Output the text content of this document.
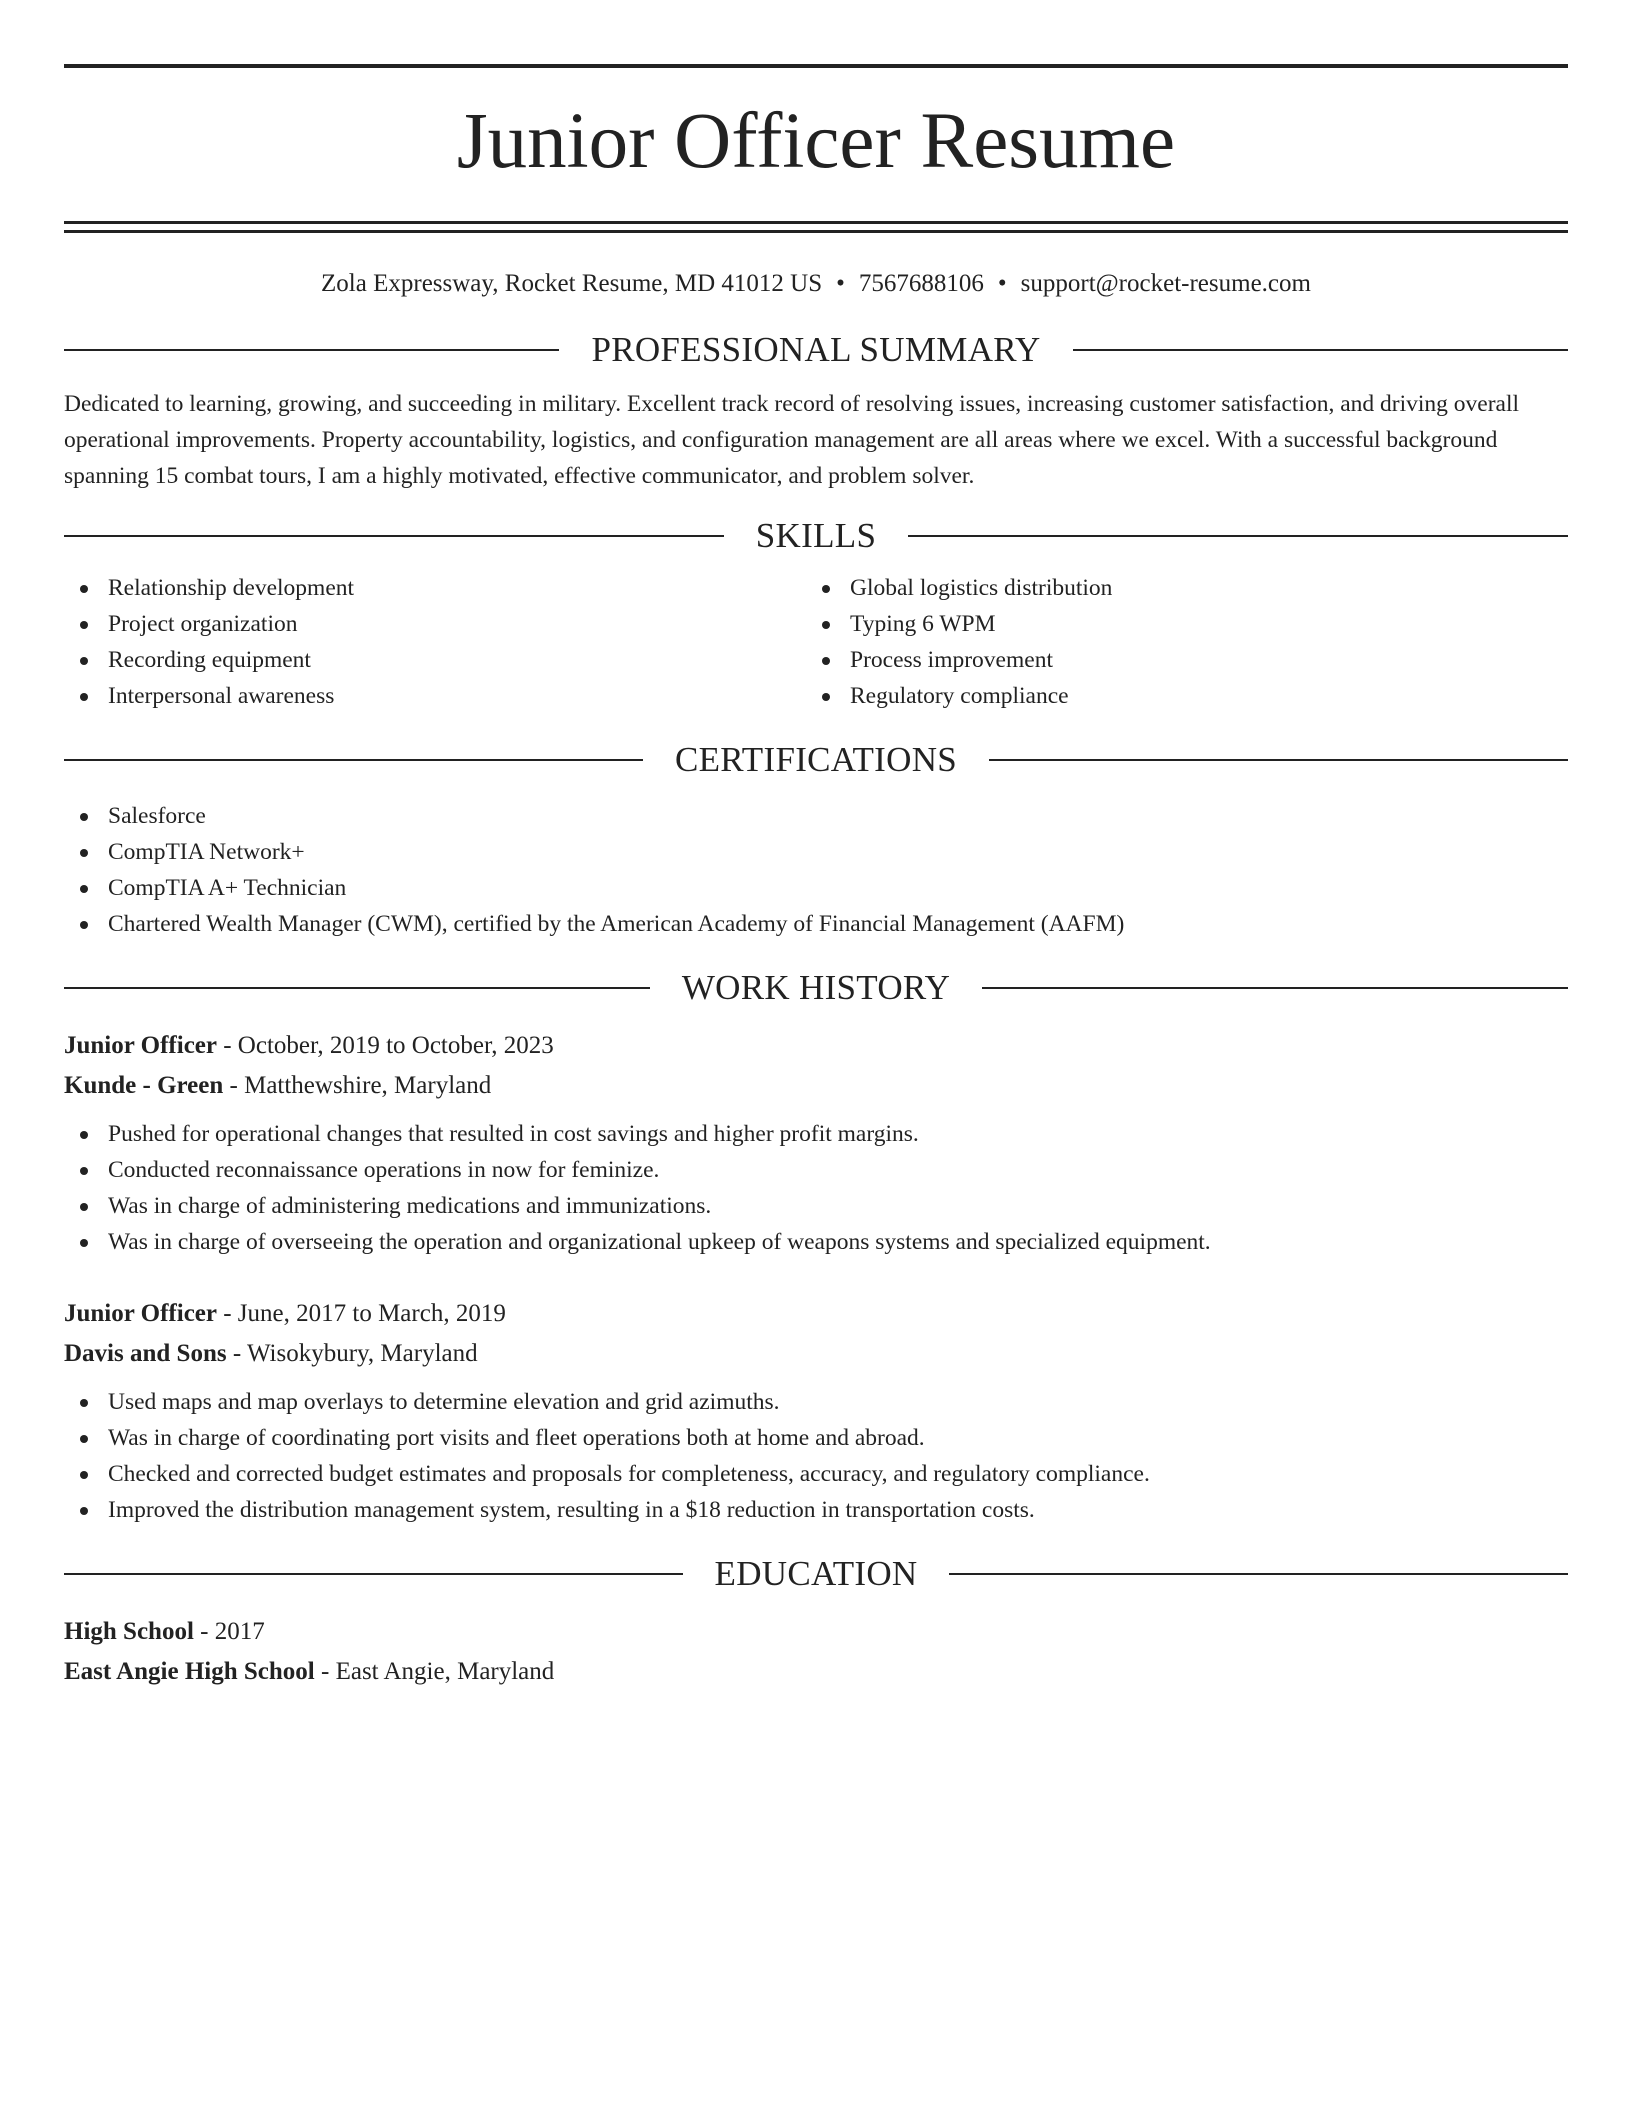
Junior Officer Resume
Zola Expressway, Rocket Resume, MD 41012 US • 7567688106 • support@rocket-resume.com
PROFESSIONAL SUMMARY
Dedicated to learning, growing, and succeeding in military. Excellent track record of resolving issues, increasing customer satisfaction, and driving overall operational improvements. Property accountability, logistics, and configuration management are all areas where we excel. With a successful background spanning 15 combat tours, I am a highly motivated, effective communicator, and problem solver.
SKILLS
Relationship development
Project organization
Recording equipment
Interpersonal awareness
Global logistics distribution
Typing 6 WPM
Process improvement
Regulatory compliance
CERTIFICATIONS
Salesforce
CompTIA Network+
CompTIA A+ Technician
Chartered Wealth Manager (CWM), certified by the American Academy of Financial Management (AAFM)
WORK HISTORY
Junior Officer - October, 2019 to October, 2023
Kunde - Green - Matthewshire, Maryland
Pushed for operational changes that resulted in cost savings and higher profit margins.
Conducted reconnaissance operations in now for feminize.
Was in charge of administering medications and immunizations.
Was in charge of overseeing the operation and organizational upkeep of weapons systems and specialized equipment.
Junior Officer - June, 2017 to March, 2019
Davis and Sons - Wisokybury, Maryland
Used maps and map overlays to determine elevation and grid azimuths.
Was in charge of coordinating port visits and fleet operations both at home and abroad.
Checked and corrected budget estimates and proposals for completeness, accuracy, and regulatory compliance.
Improved the distribution management system, resulting in a $18 reduction in transportation costs.
EDUCATION
High School - 2017
East Angie High School - East Angie, Maryland
